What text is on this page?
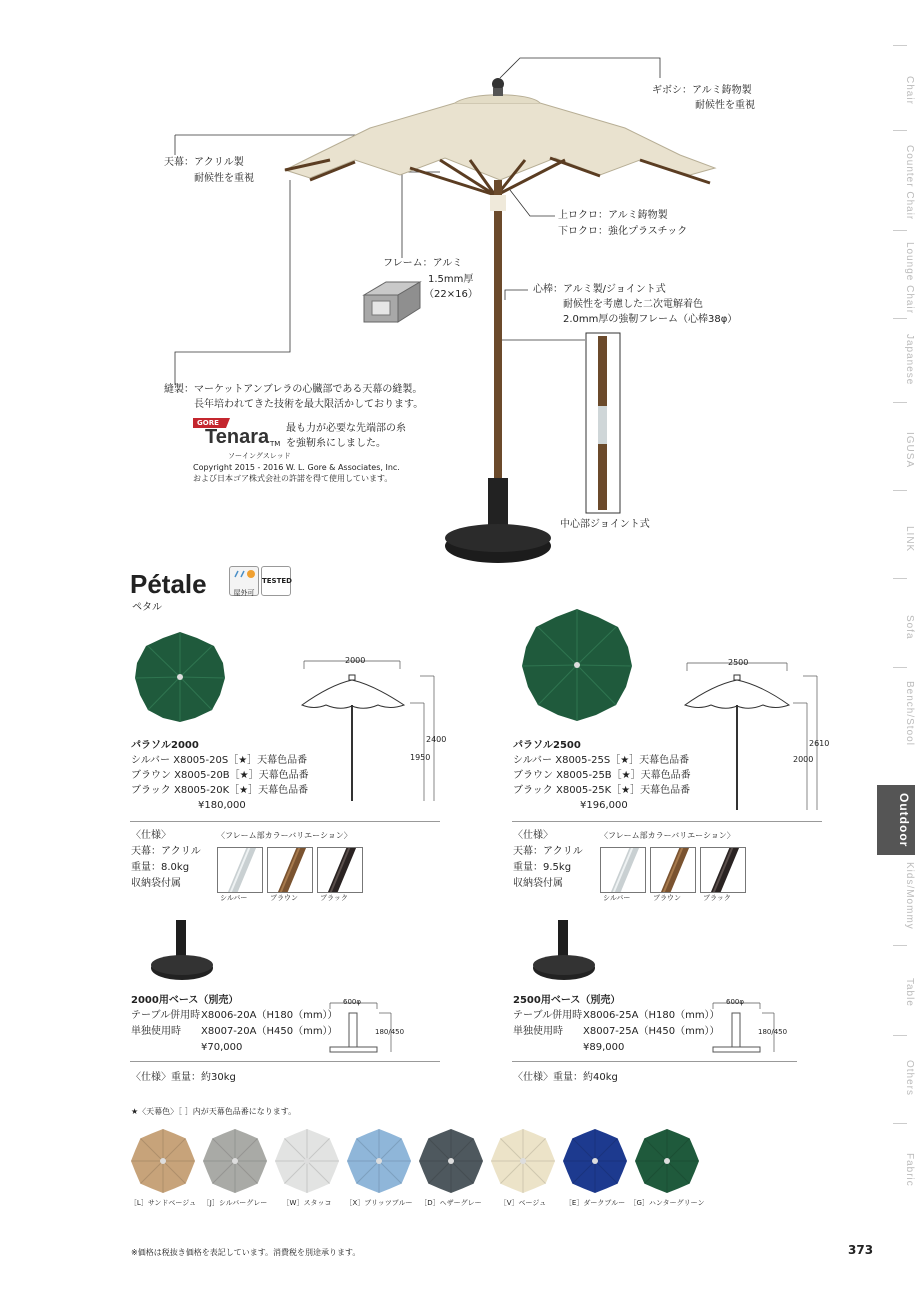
Chair
Counter Chair
Lounge Chair
Japanese
IGUSA
LINK
Sofa
Bench/Stool
Outdoor
Kids/Mommy
Table
Others
Fabric
ギボシ：アルミ鋳物製
耐候性を重視
天幕：アクリル製
耐候性を重視
上ロクロ：アルミ鋳物製
下ロクロ：強化プラスチック
フレーム：アルミ
1.5mm厚
（22×16）	心棒：アルミ製/ジョイント式
耐候性を考慮した二次電解着色
2.0mm厚の強靭フレーム（心棒38φ）
縫製：マーケットアンブレラの心臓部である天幕の縫製。
長年培われてきた技術を最大限活かしております。
GORE
Tenara TM
ソーイングスレッド
最も力が必要な先端部の糸
を強靭糸にしました。
Copyright 2015 - 2016 W. L. Gore & Associates, Inc.
および日本ゴア株式会社の許諾を得て使用しています。
中心部ジョイント式
Pétale
ペタル
屋外可
TESTED
2000
2400
1950
パラソル2000
シルバー X8005-20S［★］天幕色品番
ブラウン X8005-20B［★］天幕色品番
ブラック X8005-20K［★］天幕色品番
¥180,000
〈仕様〉
天幕：アクリル
重量：8.0kg
収納袋付属
〈フレーム部カラーバリエーション〉
シルバー	ブラウン	ブラック
2500
2610
2000
パラソル2500
シルバー X8005-25S［★］天幕色品番
ブラウン X8005-25B［★］天幕色品番
ブラック X8005-25K［★］天幕色品番
¥196,000
〈仕様〉
天幕：アクリル
重量：9.5kg
収納袋付属
〈フレーム部カラーバリエーション〉
シルバー	ブラウン	ブラック
2000用ベース（別売）
テーブル併用時 X8006-20A（H180（mm））
単独使用時 X8007-20A（H450（mm））
¥70,000
600φ
180/450
〈仕様〉重量：約30kg
2500用ベース（別売）
テーブル併用時 X8006-25A（H180（mm））
単独使用時 X8007-25A（H450（mm））
¥89,000
600φ
180/450
〈仕様〉重量：約40kg
★〈天幕色〉［ ］内が天幕色品番になります。
［L］サンドベージュ ［J］シルバーグレー	［W］スタッコ	［X］ブリッツブルー	［D］ヘザーグレー	［V］ベージュ	［E］ダークブルー ［G］ハンターグリーン
※価格は税抜き価格を表記しています。消費税を別途承ります。	373
